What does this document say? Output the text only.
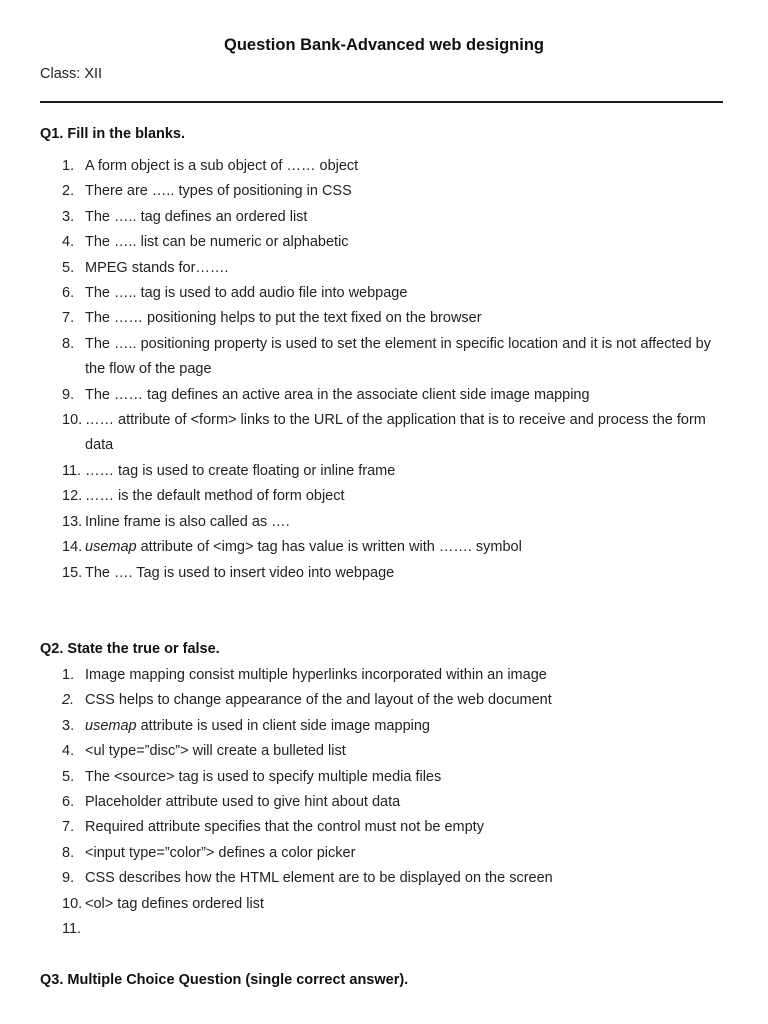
Question Bank-Advanced web designing
Class: XII
Q1. Fill in the blanks.
1. A form object is a sub object of …… object
2. There are ….. types of positioning in CSS
3. The ….. tag defines an ordered list
4. The ….. list can be numeric or alphabetic
5. MPEG stands for…….
6. The ….. tag is used to add audio file into webpage
7. The …… positioning helps to put the text fixed on the browser
8. The ….. positioning property is used to set the element in specific location and it is not affected by the flow of the page
9. The …… tag defines an active area in the associate client side image mapping
10. …… attribute of <form> links to the URL of the application that is to receive and process the form data
11. …… tag is used to create floating or inline frame
12. …… is the default method of form object
13. Inline frame is also called as ….
14. usemap attribute of <img> tag has value is written with ……. symbol
15. The …. Tag is used to insert video into webpage
Q2. State the true or false.
1. Image mapping consist multiple hyperlinks incorporated within an image
2. CSS helps to change appearance of the and layout of the web document
3. usemap attribute is used in client side image mapping
4. <ul type=”disc”> will create a bulleted list
5. The <source> tag is used to specify multiple media files
6. Placeholder attribute used to give hint about data
7. Required attribute specifies that the control must not be empty
8. <input type=”color”> defines a color picker
9. CSS describes how the HTML element are to be displayed on the screen
10. <ol> tag defines ordered list
11.
Q3. Multiple Choice Question (single correct answer).
